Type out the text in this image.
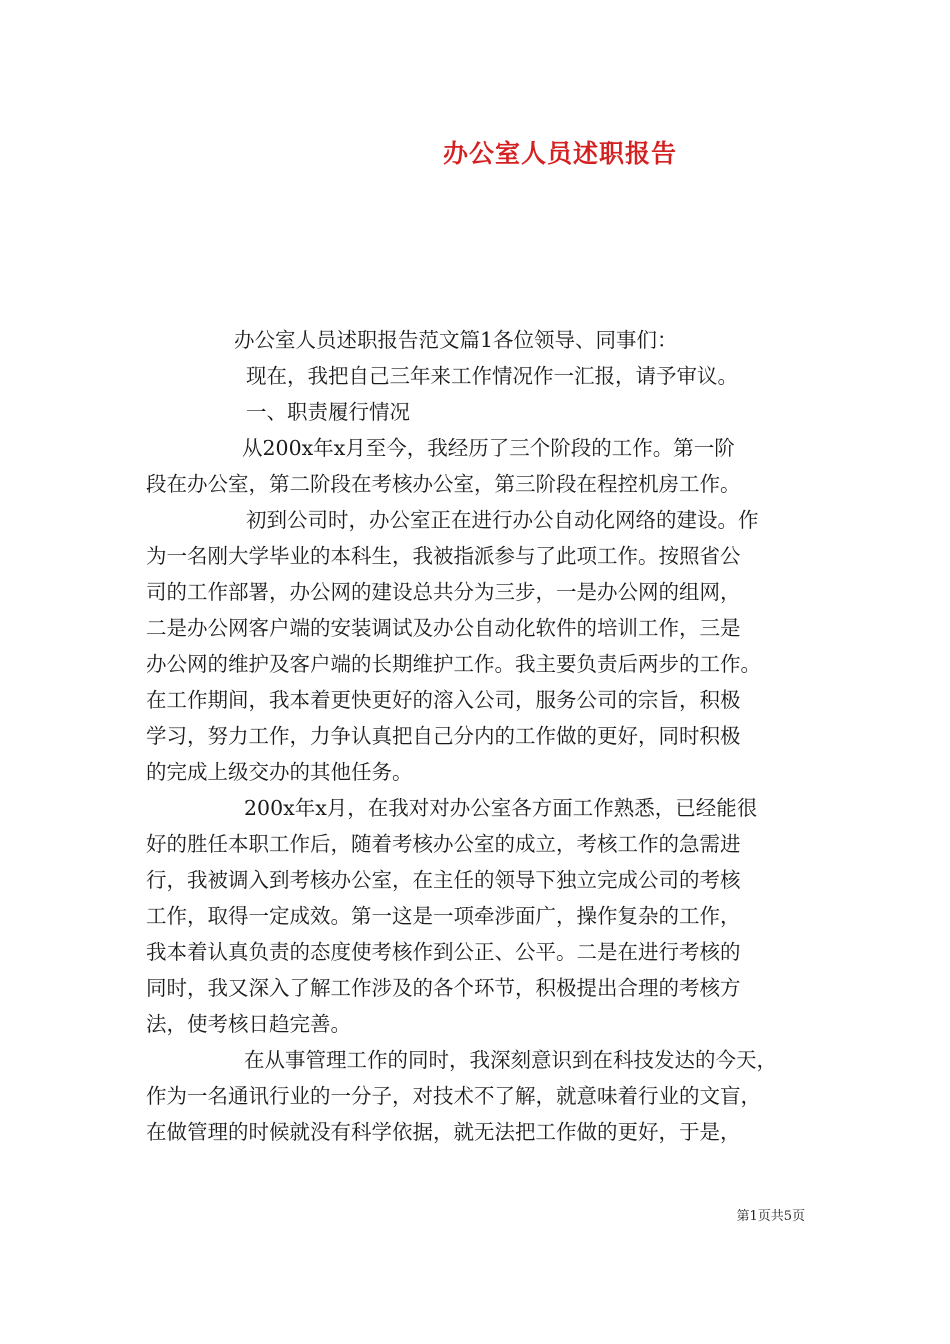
办公室人员述职报告
办公室人员述职报告范文篇1各位领导、同事们：
现在，我把自己三年来工作情况作一汇报，请予审议。
一、职责履行情况
从200x年x月至今，我经历了三个阶段的工作。第一阶
段在办公室，第二阶段在考核办公室，第三阶段在程控机房工作。
初到公司时，办公室正在进行办公自动化网络的建设。作
为一名刚大学毕业的本科生，我被指派参与了此项工作。按照省公
司的工作部署，办公网的建设总共分为三步，一是办公网的组网，
二是办公网客户端的安装调试及办公自动化软件的培训工作，三是
办公网的维护及客户端的长期维护工作。我主要负责后两步的工作。
在工作期间，我本着更快更好的溶入公司，服务公司的宗旨，积极
学习，努力工作，力争认真把自己分内的工作做的更好，同时积极
的完成上级交办的其他任务。
200x年x月，在我对对办公室各方面工作熟悉，已经能很
好的胜任本职工作后，随着考核办公室的成立，考核工作的急需进
行，我被调入到考核办公室，在主任的领导下独立完成公司的考核
工作，取得一定成效。第一这是一项牵涉面广，操作复杂的工作，
我本着认真负责的态度使考核作到公正、公平。二是在进行考核的
同时，我又深入了解工作涉及的各个环节，积极提出合理的考核方
法，使考核日趋完善。
在从事管理工作的同时，我深刻意识到在科技发达的今天，
作为一名通讯行业的一分子，对技术不了解，就意味着行业的文盲，
在做管理的时候就没有科学依据，就无法把工作做的更好，于是，
第1页共5页
